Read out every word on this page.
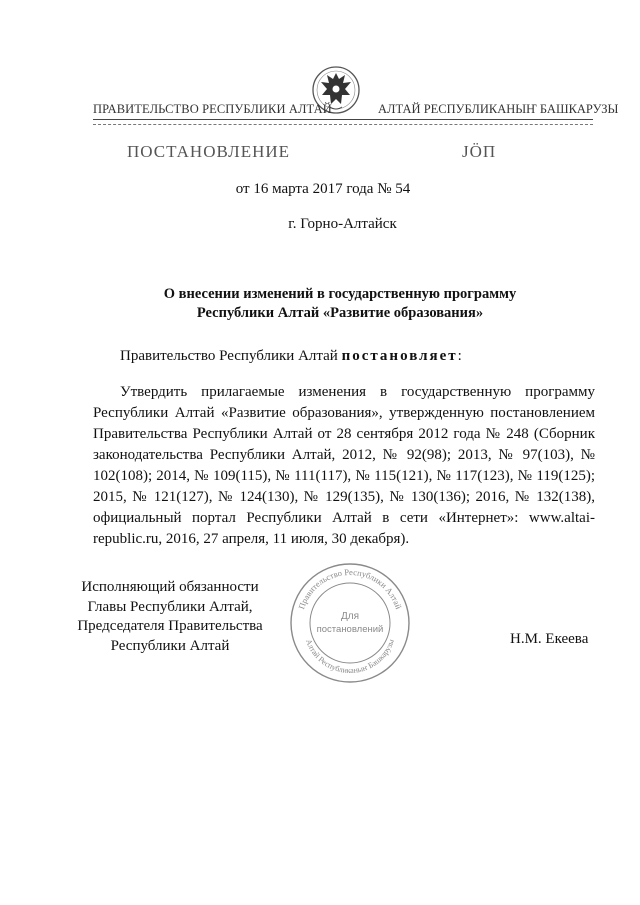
ПРАВИТЕЛЬСТВО РЕСПУБЛИКИ АЛТАЙ	АЛТАЙ РЕСПУБЛИКАНЫҤ БАШКАРУЗЫ
ПОСТАНОВЛЕНИЕ	ЈӦП
от 16 марта 2017 года № 54
г. Горно-Алтайск
О внесении изменений в государственную программу
Республики Алтай «Развитие образования»
Правительство Республики Алтай постановляет:

Утвердить прилагаемые изменения в государственную программу Республики Алтай «Развитие образования», утвержденную постановлением Правительства Республики Алтай от 28 сентября 2012 года № 248 (Сборник законодательства Республики Алтай, 2012, № 92(98); 2013, № 97(103), № 102(108); 2014, № 109(115), № 111(117), № 115(121), № 117(123), № 119(125); 2015, № 121(127), № 124(130), № 129(135), № 130(136); 2016, № 132(138), официальный портал Республики Алтай в сети «Интернет»: www.altai-republic.ru, 2016, 27 апреля, 11 июля, 30 декабря).

Исполняющий обязанности
Главы Республики Алтай,
Председателя Правительства
Республики Алтай
Правительство Республики Алтай
Алтай Республиканыҥ Башкарузы
Для
постановлений
Н.М. Екеева
